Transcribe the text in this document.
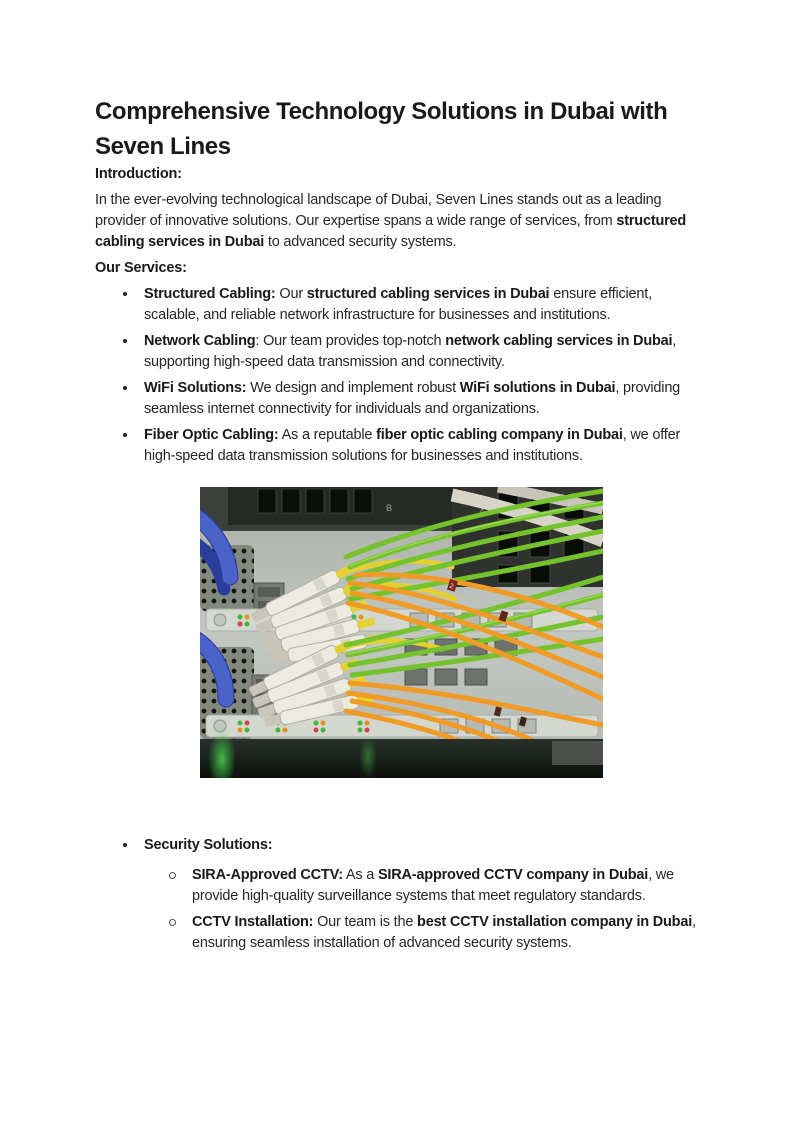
Comprehensive Technology Solutions in Dubai with
Seven Lines

Introduction:

In the ever-evolving technological landscape of Dubai, Seven Lines stands out as a leading provider of innovative solutions. Our expertise spans a wide range of services, from structured cabling services in Dubai to advanced security systems.

Our Services:

Structured Cabling: Our structured cabling services in Dubai ensure efficient, scalable, and reliable network infrastructure for businesses and institutions.
Network Cabling: Our team provides top-notch network cabling services in Dubai, supporting high-speed data transmission and connectivity.
WiFi Solutions: We design and implement robust WiFi solutions in Dubai, providing seamless internet connectivity for individuals and organizations.
Fiber Optic Cabling: As a reputable fiber optic cabling company in Dubai, we offer high-speed data transmission solutions for businesses and institutions.
B	A
2
Security Solutions:
SIRA-Approved CCTV: As a SIRA-approved CCTV company in Dubai, we provide high-quality surveillance systems that meet regulatory standards.
CCTV Installation: Our team is the best CCTV installation company in Dubai, ensuring seamless installation of advanced security systems.
